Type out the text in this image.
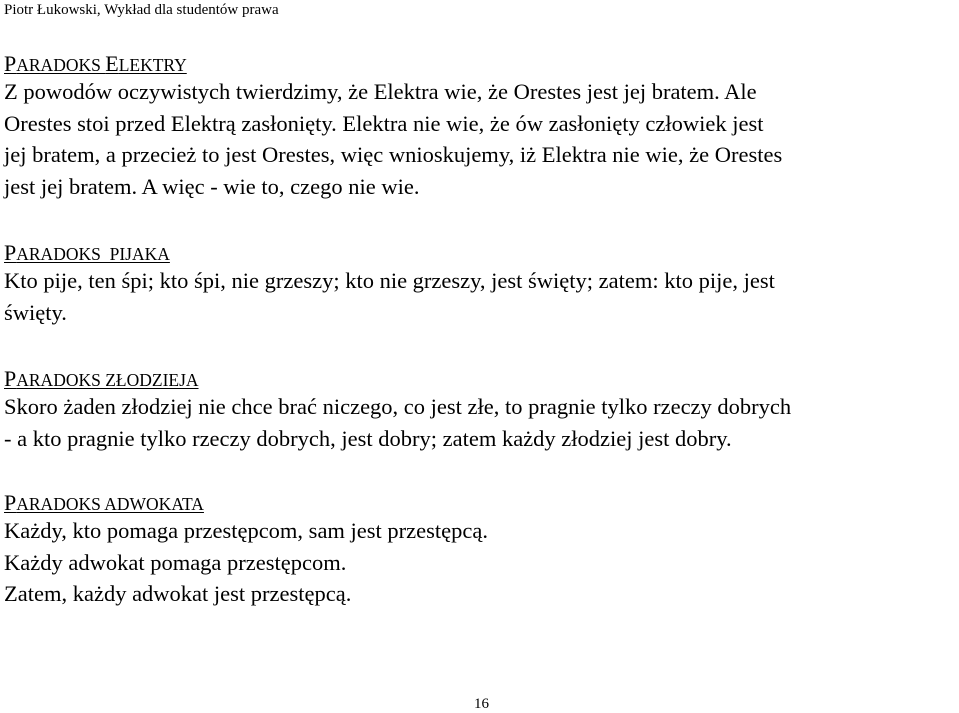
Piotr Łukowski, Wykład dla studentów prawa
PARADOKS ELEKTRY

Z powodów oczywistych twierdzimy, że Elektra wie, że Orestes jest jej bratem. Ale
Orestes stoi przed Elektrą zasłonięty. Elektra nie wie, że ów zasłonięty człowiek jest
jej bratem, a przecież to jest Orestes, więc wnioskujemy, iż Elektra nie wie, że Orestes
jest jej bratem. A więc - wie to, czego nie wie.

PARADOKS  PIJAKA

Kto pije, ten śpi; kto śpi, nie grzeszy; kto nie grzeszy, jest święty; zatem: kto pije, jest
święty.

PARADOKS ZŁODZIEJA

Skoro żaden złodziej nie chce brać niczego, co jest złe, to pragnie tylko rzeczy dobrych
- a kto pragnie tylko rzeczy dobrych, jest dobry; zatem każdy złodziej jest dobry.

PARADOKS ADWOKATA

Każdy, kto pomaga przestępcom, sam jest przestępcą.
Każdy adwokat pomaga przestępcom.
Zatem, każdy adwokat jest przestępcą.

16
